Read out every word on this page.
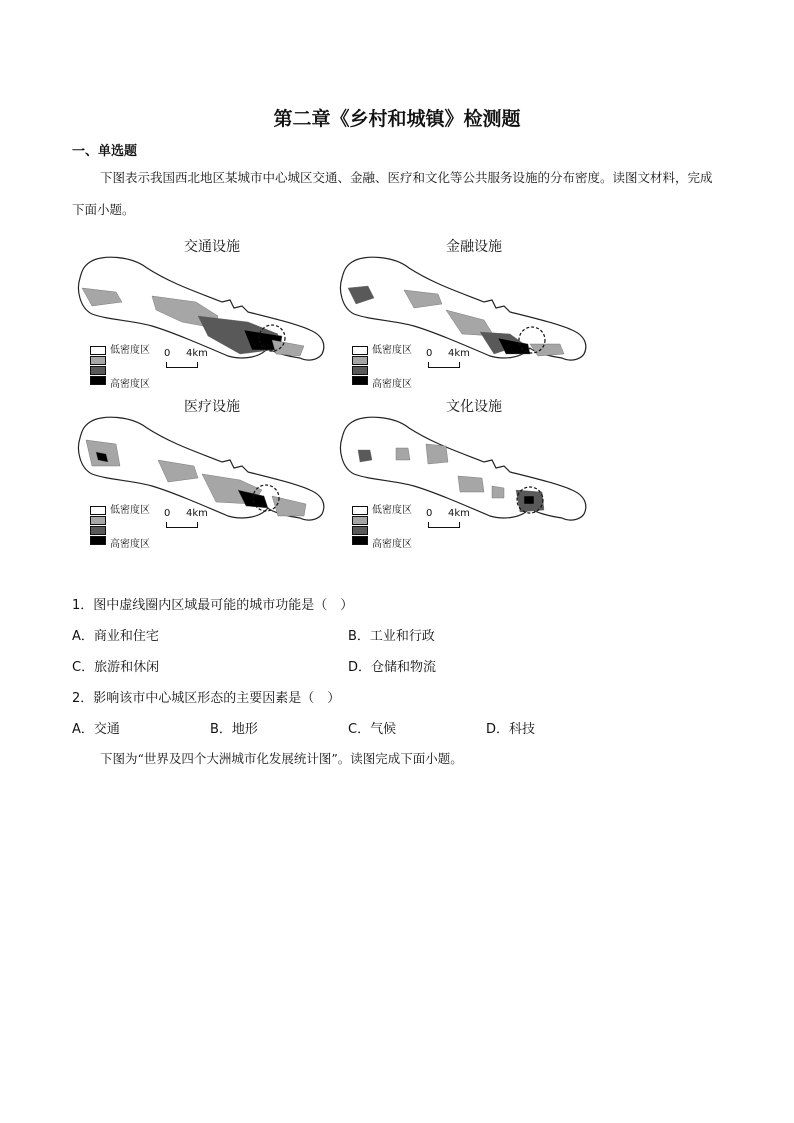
第二章《乡村和城镇》检测题
一、单选题

下图表示我国西北地区某城市中心城区交通、金融、医疗和文化等公共服务设施的分布密度。读图文材料，完成下面小题。

交通设施
低密度区
高密度区
0 4km
金融设施
低密度区
高密度区
0 4km
医疗设施
低密度区
高密度区
0 4km
文化设施
低密度区
高密度区
0 4km
1．图中虚线圈内区域最可能的城市功能是（　）
A．商业和住宅	B．工业和行政
C．旅游和休闲	D．仓储和物流
2．影响该市中心城区形态的主要因素是（　）
A．交通	B．地形	C．气候	D．科技
下图为“世界及四个大洲城市化发展统计图”。读图完成下面小题。
